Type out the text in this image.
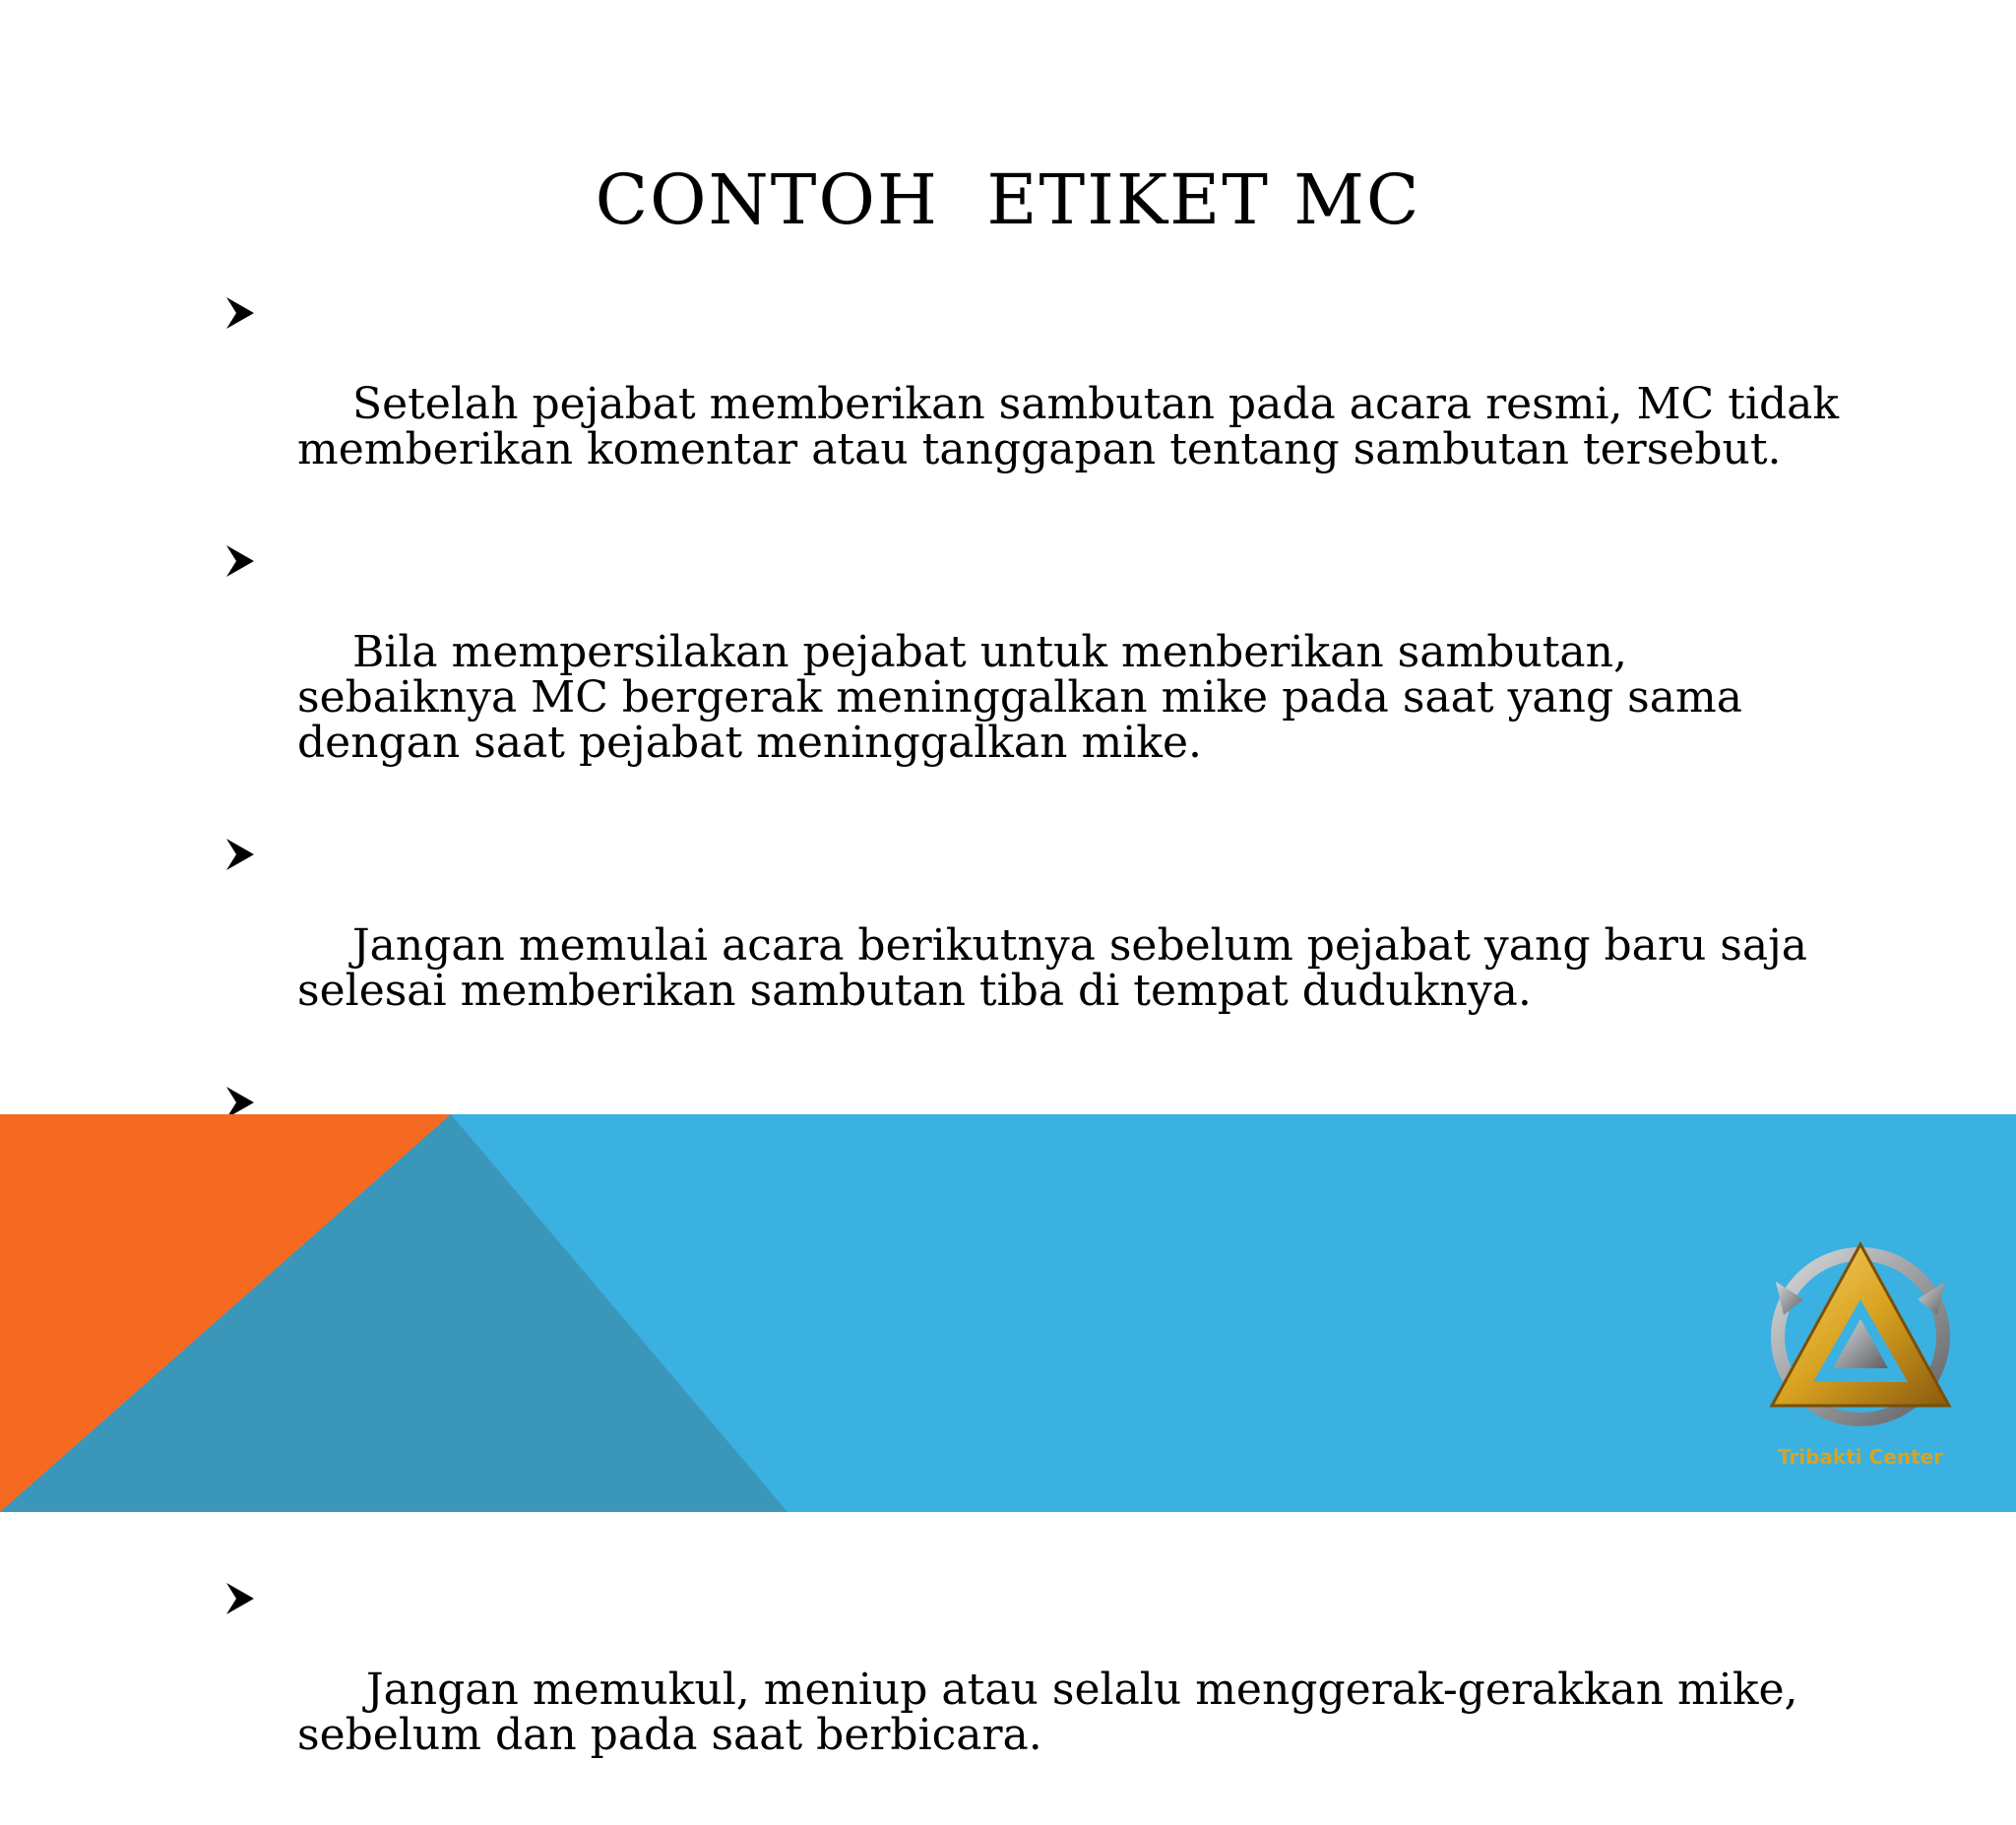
CONTOH  ETIKET MC

Setelah pejabat memberikan sambutan pada acara resmi, MC tidak memberikan komentar atau tanggapan tentang sambutan tersebut.

Bila mempersilakan pejabat untuk menberikan sambutan, sebaiknya MC bergerak meninggalkan mike pada saat yang sama dengan saat pejabat meninggalkan mike.

Jangan memulai acara berikutnya sebelum pejabat yang baru saja selesai memberikan sambutan tiba di tempat duduknya.

Jangan memukul, meniup atau selalu menggerak-gerakkan mike, sebelum dan pada saat berbicara.

Tribakti Center
